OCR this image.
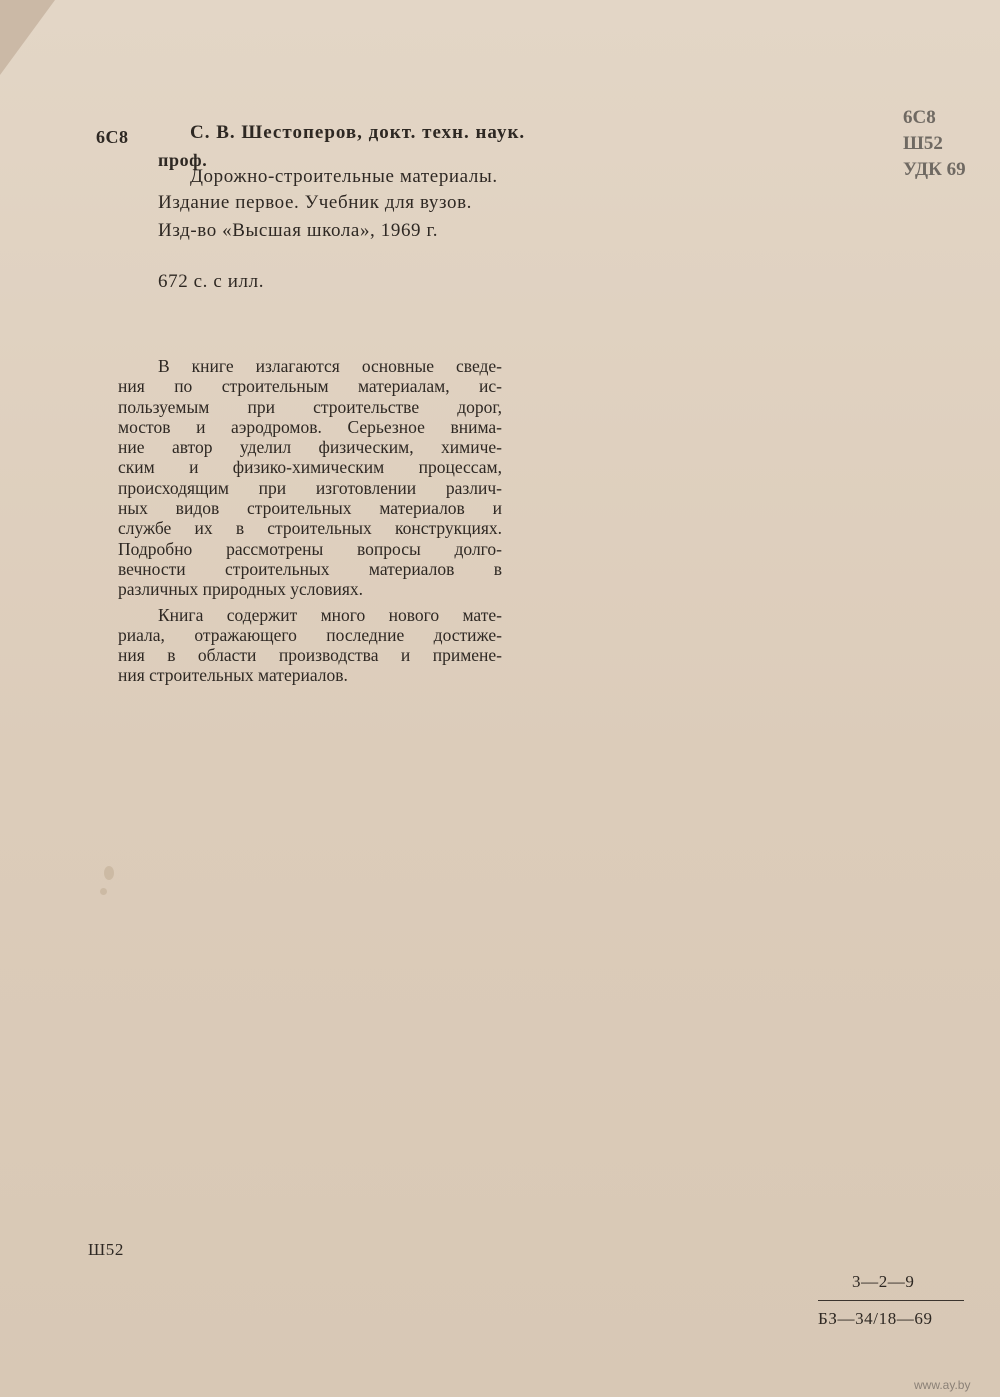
6С8	С. В. Шестоперов, докт. техн. наук.
проф.
Дорожно-строительные материалы.
Издание первое. Учебник для вузов.
Изд-во «Высшая школа», 1969 г.
672 с. с илл.
6С8
Ш52
УДК 69

В книге излагаются основные сведе-
ния по строительным материалам, ис-
пользуемым при строительстве дорог,
мостов и аэродромов. Серьезное внима-
ние автор уделил физическим, химиче-
ским и физико-химическим процессам,
происходящим при изготовлении различ-
ных видов строительных материалов и
службе их в строительных конструкциях.
Подробно рассмотрены вопросы долго-
вечности строительных материалов в
различных природных условиях.

Книга содержит много нового мате-
риала, отражающего последние достиже-
ния в области производства и примене-
ния строительных материалов.

Ш52
3—2—9
БЗ—34/18—69
www.ay.by
